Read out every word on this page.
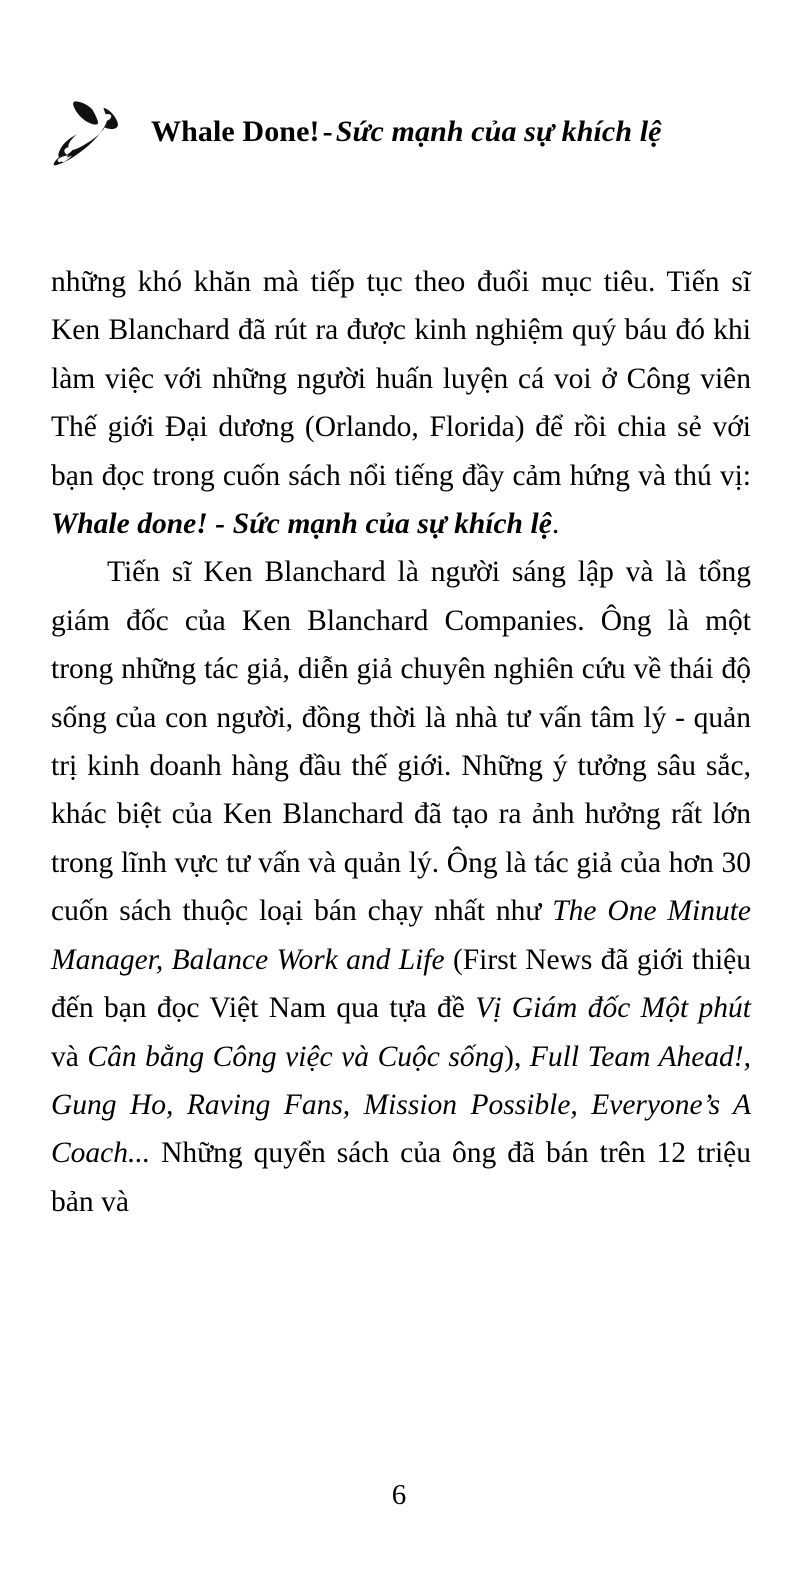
Whale Done! - Sức mạnh của sự khích lệ

những khó khăn mà tiếp tục theo đuổi mục tiêu. Tiến sĩ Ken Blanchard đã rút ra được kinh nghiệm quý báu đó khi làm việc với những người huấn luyện cá voi ở Công viên Thế giới Đại dương (Orlando, Florida) để rồi chia sẻ với bạn đọc trong cuốn sách nổi tiếng đầy cảm hứng và thú vị: Whale done! - Sức mạnh của sự khích lệ.

Tiến sĩ Ken Blanchard là người sáng lập và là tổng giám đốc của Ken Blanchard Companies. Ông là một trong những tác giả, diễn giả chuyên nghiên cứu về thái độ sống của con người, đồng thời là nhà tư vấn tâm lý - quản trị kinh doanh hàng đầu thế giới. Những ý tưởng sâu sắc, khác biệt của Ken Blanchard đã tạo ra ảnh hưởng rất lớn trong lĩnh vực tư vấn và quản lý. Ông là tác giả của hơn 30 cuốn sách thuộc loại bán chạy nhất như The One Minute Manager, Balance Work and Life (First News đã giới thiệu đến bạn đọc Việt Nam qua tựa đề Vị Giám đốc Một phút và Cân bằng Công việc và Cuộc sống), Full Team Ahead!, Gung Ho, Raving Fans, Mission Possible, Everyone’s A Coach... Những quyển sách của ông đã bán trên 12 triệu bản và

6
